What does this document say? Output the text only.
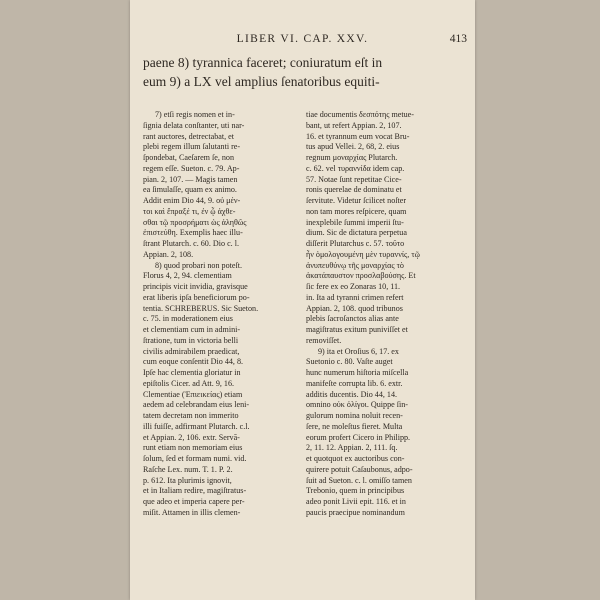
LIBER VI. CAP. XXV.	413
paene 8) tyrannica faceret; coniuratum eſt in
eum 9) a LX vel amplius ſenatoribus equiti-
7) etſi regis nomen et in-
ſignia delata conſtanter, uti nar-
rant auctores, detrectabat, et
plebi regem illum ſalutanti re-
ſpondebat, Caeſarem ſe, non
regem eſſe. Sueton. c. 79. Ap-
pian. 2, 107. — Magis tamen
ea ſimulaſſe, quam ex animo.
Addit enim Dio 44, 9. οὐ μέν-
τοι καὶ ἔπραξέ τι, ἐν ᾧ ἀχθε-
σθαι τῷ προσρήματι ὡς ἀληθῶς
ἐπιστεύθη. Exemplis haec illu-
ſtrant Plutarch. c. 60. Dio c. l.
Appian. 2, 108.
8) quod probari non poteſt.
Florus 4, 2, 94. clementiam
principis vicit invidia, gravisque
erat liberis ipſa beneficiorum po-
tentia. SCHREBERUS. Sic Sueton.
c. 75. in moderationem eius
et clementiam cum in admini-
ſtratione, tum in victoria belli
civilis admirabilem praedicat,
cum eoque conſentit Dio 44, 8.
Ipſe hac clementia gloriatur in
epiſtolis Cicer. ad Att. 9, 16.
Clementiae (Ἐπιεικείας) etiam
aedem ad celebrandam eius leni-
tatem decretam non immerito
illi fuiſſe, adfirmant Plutarch. c.l.
et Appian. 2, 106. extr. Servā-
runt etiam non memoriam eius
ſolum, ſed et formam numi. vid.
Raſche Lex. num. T. 1. P. 2.
p. 612. Ita plurimis ignovit,
et in Italiam redire, magiſtratus-
que adeo et imperia capere per-
miſit. Attamen in illis clemen-
tiae documentis δεσπότης metue-
bant, ut refert Appian. 2, 107.
16. et tyrannum eum vocat Bru-
tus apud Vellei. 2, 68, 2. eius
regnum μοναρχίας Plutarch.
c. 62. vel τυραννίδα idem cap.
57. Notae ſunt repetitae Cice-
ronis querelae de dominatu et
ſervitute. Videtur ſcilicet noſter
non tam mores reſpicere, quam
inexplebile ſummi imperii ſtu-
dium. Sic de dictatura perpetua
diſſerit Plutarchus c. 57. τοῦτο
ἦν ὁμολογουμένη μὲν τυραννίς, τῷ
ἀνυπευθύνῳ τῆς μοναρχίας τὸ
ἀκατάπαυστον προσλαβούσης. Et
ſic fere ex eo Zonaras 10, 11.
in. Ita ad tyranni crimen refert
Appian. 2, 108. quod tribunos
plebis ſacroſanctos alias ante
magiſtratus exitum puniviſſet et
removiſſet.
9) ita et Oroſius 6, 17. ex
Suetonio c. 80. Vaſte auget
hunc numerum hiſtoria miſcella
manifeſte corrupta lib. 6. extr.
additis ducentis. Dio 44, 14.
omnino οὐκ ὀλίγοι. Quippe ſin-
gulorum nomina noluit recen-
ſere, ne moleſtus fieret. Multa
eorum profert Cicero in Philipp.
2, 11. 12. Appian. 2, 111. ſq.
et quotquot ex auctoribus con-
quirere potuit Caſaubonus, adpo-
ſuit ad Sueton. c. l. omiſſo tamen
Trebonio, quem in principibus
adeo ponit Livii epit. 116. et in
paucis praecipue nominandum
